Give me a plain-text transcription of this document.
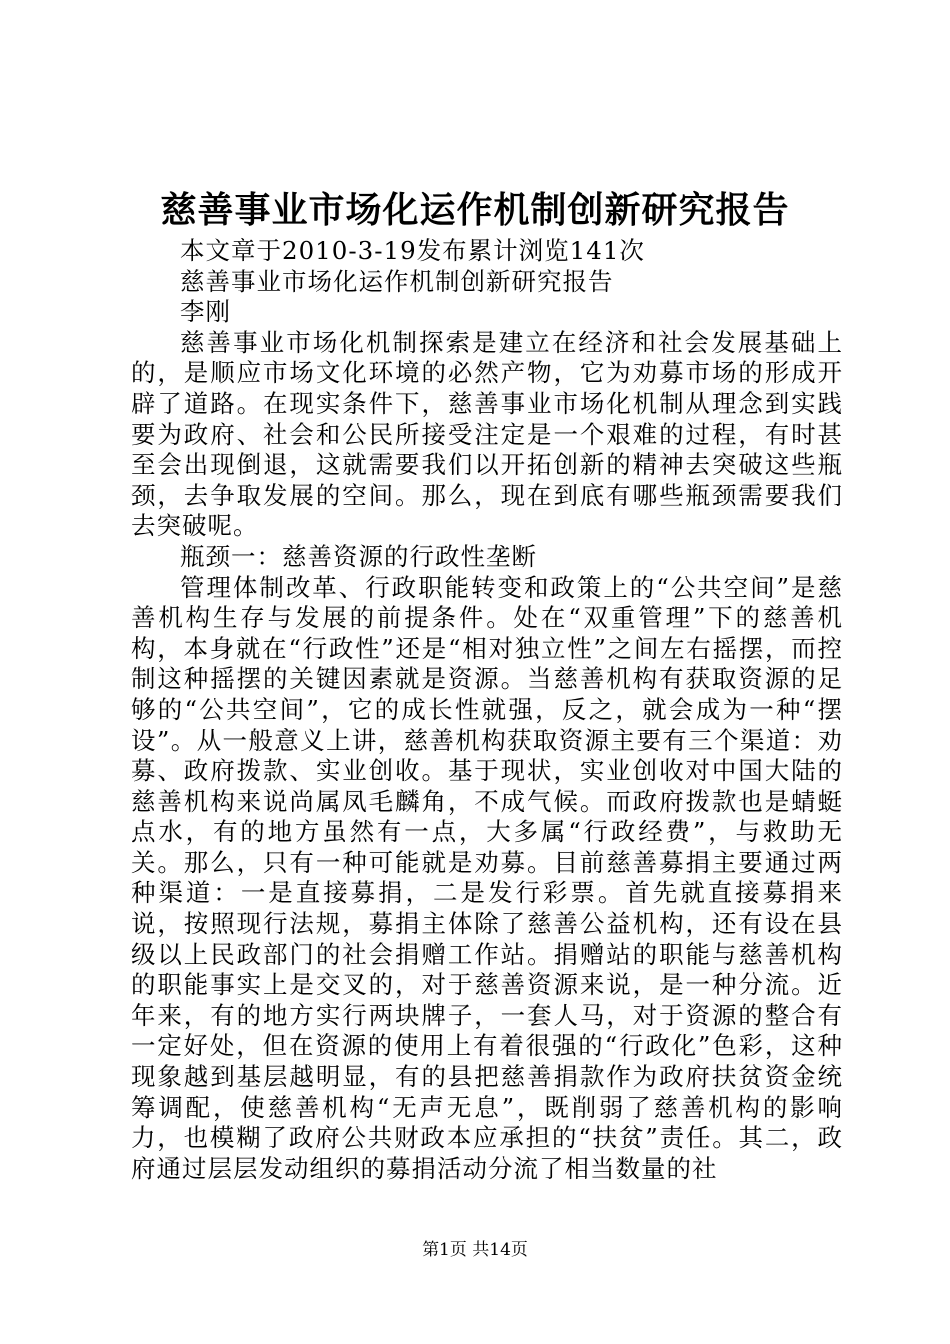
慈善事业市场化运作机制创新研究报告

本文章于2010-3-19发布累计浏览141次

慈善事业市场化运作机制创新研究报告

李刚

慈善事业市场化机制探索是建立在经济和社会发展基础上的，是顺应市场文化环境的必然产物，它为劝募市场的形成开辟了道路。在现实条件下，慈善事业市场化机制从理念到实践要为政府、社会和公民所接受注定是一个艰难的过程，有时甚至会出现倒退，这就需要我们以开拓创新的精神去突破这些瓶颈，去争取发展的空间。那么，现在到底有哪些瓶颈需要我们去突破呢。

瓶颈一：慈善资源的行政性垄断

管理体制改革、行政职能转变和政策上的“公共空间”是慈善机构生存与发展的前提条件。处在“双重管理”下的慈善机构，本身就在“行政性”还是“相对独立性”之间左右摇摆，而控制这种摇摆的关键因素就是资源。当慈善机构有获取资源的足够的“公共空间”，它的成长性就强，反之，就会成为一种“摆设”。从一般意义上讲，慈善机构获取资源主要有三个渠道：劝募、政府拨款、实业创收。基于现状，实业创收对中国大陆的慈善机构来说尚属凤毛麟角，不成气候。而政府拨款也是蜻蜓点水，有的地方虽然有一点，大多属“行政经费”，与救助无关。那么，只有一种可能就是劝募。目前慈善募捐主要通过两种渠道：一是直接募捐，二是发行彩票。首先就直接募捐来说，按照现行法规，募捐主体除了慈善公益机构，还有设在县级以上民政部门的社会捐赠工作站。捐赠站的职能与慈善机构的职能事实上是交叉的，对于慈善资源来说，是一种分流。近年来，有的地方实行两块牌子，一套人马，对于资源的整合有一定好处，但在资源的使用上有着很强的“行政化”色彩，这种现象越到基层越明显，有的县把慈善捐款作为政府扶贫资金统筹调配，使慈善机构“无声无息”，既削弱了慈善机构的影响力，也模糊了政府公共财政本应承担的“扶贫”责任。其二，政府通过层层发动组织的募捐活动分流了相当数量的社

第1页 共14页
